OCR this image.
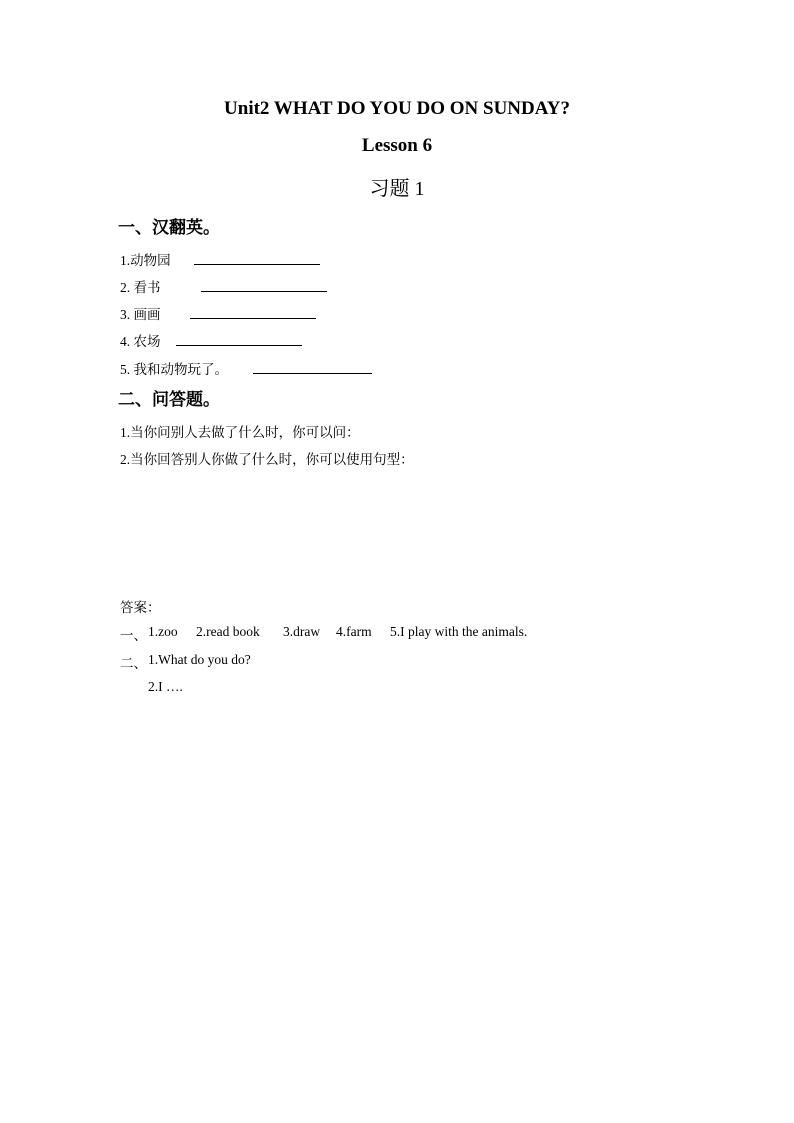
Unit2 WHAT DO YOU DO ON SUNDAY?
Lesson 6
习题 1
一、汉翻英。
1.动物园
2. 看书
3. 画画
4. 农场
5. 我和动物玩了。
二、问答题。
1.当你问别人去做了什么时，你可以问：
2.当你回答别人你做了什么时，你可以使用句型：
答案：
一、 1.zoo 2.read book 3.draw 4.farm 5.I play with the animals.
二、 1.What do you do?
2.I ….
